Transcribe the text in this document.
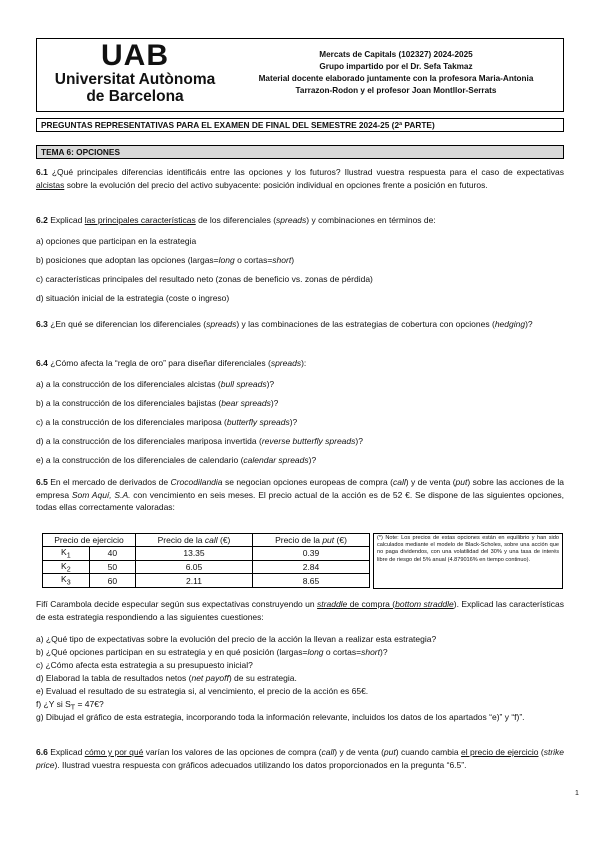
UAB
Universitat Autònoma
de Barcelona
Mercats de Capitals (102327) 2024-2025
Grupo impartido por el Dr. Sefa Takmaz
Material docente elaborado juntamente con la profesora Maria-Antonia
Tarrazon-Rodon y el profesor Joan Montllor-Serrats
PREGUNTAS REPRESENTATIVAS PARA EL EXAMEN DE FINAL DEL SEMESTRE 2024-25 (2ª PARTE)
TEMA 6: OPCIONES
6.1 ¿Qué principales diferencias identificáis entre las opciones y los futuros? Ilustrad vuestra respuesta para el caso de expectativas alcistas sobre la evolución del precio del activo subyacente: posición individual en opciones frente a posición en futuros.
6.2 Explicad las principales características de los diferenciales (spreads) y combinaciones en términos de:
a) opciones que participan en la estrategia
b) posiciones que adoptan las opciones (largas=long o cortas=short)
c) características principales del resultado neto (zonas de beneficio vs. zonas de pérdida)
d) situación inicial de la estrategia (coste o ingreso)
6.3 ¿En qué se diferencian los diferenciales (spreads) y las combinaciones de las estrategias de cobertura con opciones (hedging)?
6.4 ¿Cómo afecta la “regla de oro” para diseñar diferenciales (spreads):
a) a la construcción de los diferenciales alcistas (bull spreads)?
b) a la construcción de los diferenciales bajistas (bear spreads)?
c) a la construcción de los diferenciales mariposa (butterfly spreads)?
d) a la construcción de los diferenciales mariposa invertida (reverse butterfly spreads)?
e) a la construcción de los diferenciales de calendario (calendar spreads)?
6.5 En el mercado de derivados de Crocodilandia se negocian opciones europeas de compra (call) y de venta (put) sobre las acciones de la empresa Som Aquí, S.A. con vencimiento en seis meses. El precio actual de la acción es de 52 €. Se dispone de las siguientes opciones, todas ellas correctamente valoradas:
Precio de ejercicio		Precio de la call (€)	Precio de la put (€)
$K_1$	40	13.35	0.39
$K_2$	50	6.05	2.84
$K_3$	60	2.11	8.65
(*) Note: Los precios de estas opciones están en equilibrio y han sido calculados mediante el modelo de Black-Scholes, sobre una acción que no paga dividendos, con una volatilidad del 30% y una tasa de interés libre de riesgo del 5% anual (4.879016% en tiempo continuo).
Fifí Carambola decide especular según sus expectativas construyendo un straddle de compra (bottom straddle). Explicad las características de esta estrategia respondiendo a las siguientes cuestiones:
a) ¿Qué tipo de expectativas sobre la evolución del precio de la acción la llevan a realizar esta estrategia?
b) ¿Qué opciones participan en su estrategia y en qué posición (largas=long o cortas=short)?
c) ¿Cómo afecta esta estrategia a su presupuesto inicial?
d) Elaborad la tabla de resultados netos (net payoff) de su estrategia.
e) Evaluad el resultado de su estrategia si, al vencimiento, el precio de la acción es 65€.
f) ¿Y si $S_T$ = 47€?
g) Dibujad el gráfico de esta estrategia, incorporando toda la información relevante, incluidos los datos de los apartados “e)” y “f)”.
6.6 Explicad cómo y por qué varían los valores de las opciones de compra (call) y de venta (put) cuando cambia el precio de ejercicio (strike price). Ilustrad vuestra respuesta con gráficos adecuados utilizando los datos proporcionados en la pregunta “6.5”.
1
